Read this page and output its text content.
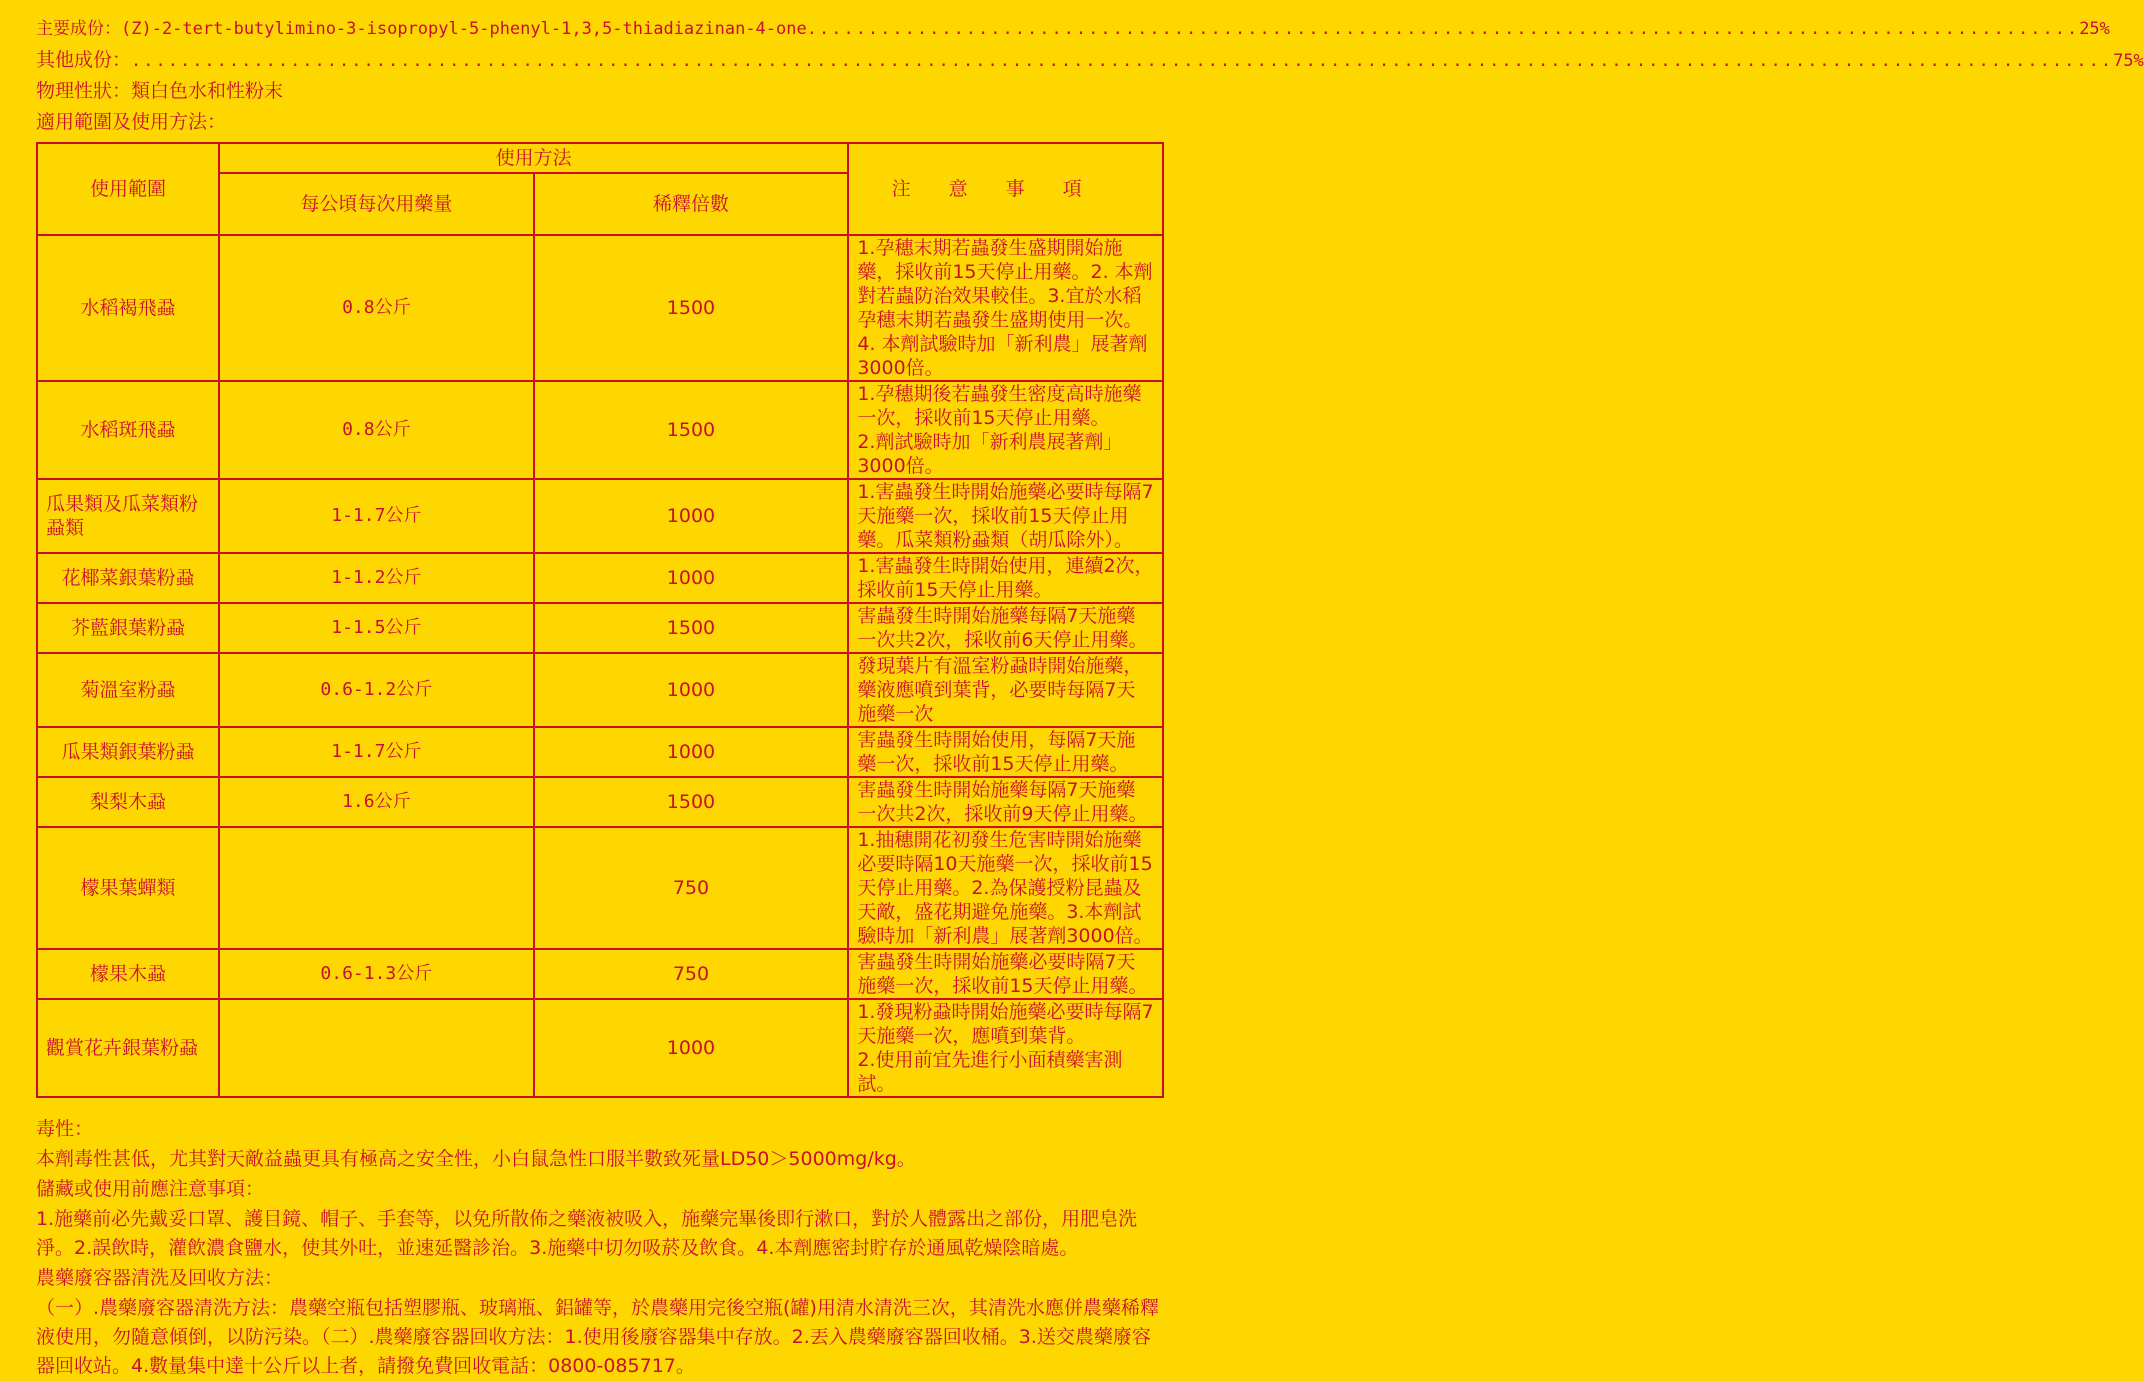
主要成份：(Z)-2-tert-butylimino-3-isopropyl-5-phenyl-1,3,5-thiadiazinan-4-one ........................................................................................................ 25%
其他成份： .................................................................................................................................................................. 75%
物理性狀：類白色水和性粉末
適用範圍及使用方法：
使用範圍	使用方法		注意事項
	每公頃每次用藥量	稀釋倍數	
水稻褐飛蝨	0.8公斤	1500	1.孕穗末期若蟲發生盛期開始施藥，採收前15天停止用藥。2. 本劑對若蟲防治效果較佳。3.宜於水稻孕穗末期若蟲發生盛期使用一次。4. 本劑試驗時加「新利農」展著劑3000倍。
水稻斑飛蝨	0.8公斤	1500	1.孕穗期後若蟲發生密度高時施藥一次，採收前15天停止用藥。
2.劑試驗時加「新利農展著劑」3000倍。
瓜果類及瓜菜類粉蝨類	1-1.7公斤	1000	1.害蟲發生時開始施藥必要時每隔7天施藥一次，採收前15天停止用藥。瓜菜類粉蝨類（胡瓜除外）。
花椰菜銀葉粉蝨	1-1.2公斤	1000	1.害蟲發生時開始使用，連續2次，採收前15天停止用藥。
芥藍銀葉粉蝨	1-1.5公斤	1500	害蟲發生時開始施藥每隔7天施藥一次共2次，採收前6天停止用藥。
菊溫室粉蝨	0.6-1.2公斤	1000	發現葉片有溫室粉蝨時開始施藥，藥液應噴到葉背，必要時每隔7天施藥一次
瓜果類銀葉粉蝨	1-1.7公斤	1000	害蟲發生時開始使用，每隔7天施藥一次，採收前15天停止用藥。
梨梨木蝨	1.6公斤	1500	害蟲發生時開始施藥每隔7天施藥一次共2次，採收前9天停止用藥。
檬果葉蟬類		750	1.抽穗開花初發生危害時開始施藥必要時隔10天施藥一次，採收前15天停止用藥。2.為保護授粉昆蟲及天敵，盛花期避免施藥。3.本劑試驗時加「新利農」展著劑3000倍。
檬果木蝨	0.6-1.3公斤	750	害蟲發生時開始施藥必要時隔7天施藥一次，採收前15天停止用藥。
觀賞花卉銀葉粉蝨		1000	1.發現粉蝨時開始施藥必要時每隔7天施藥一次，應噴到葉背。
2.使用前宜先進行小面積藥害測試。
毒性：
本劑毒性甚低，尤其對天敵益蟲更具有極高之安全性，小白鼠急性口服半數致死量LD50＞5000mg/kg。
儲藏或使用前應注意事項：
1.施藥前必先戴妥口罩、護目鏡、帽子、手套等，以免所散佈之藥液被吸入，施藥完畢後即行漱口，對於人體露出之部份，用肥皂洗淨。2.誤飲時，灌飲濃食鹽水，使其外吐，並速延醫診治。3.施藥中切勿吸菸及飲食。4.本劑應密封貯存於通風乾燥陰暗處。
農藥廢容器清洗及回收方法：
（一）.農藥廢容器清洗方法：農藥空瓶包括塑膠瓶、玻璃瓶、鋁罐等，於農藥用完後空瓶(罐)用清水清洗三次，其清洗水應併農藥稀釋液使用，勿隨意傾倒，以防污染。（二）.農藥廢容器回收方法：1.使用後廢容器集中存放。2.丟入農藥廢容器回收桶。3.送交農藥廢容器回收站。4.數量集中達十公斤以上者，請撥免費回收電話：0800-085717。
